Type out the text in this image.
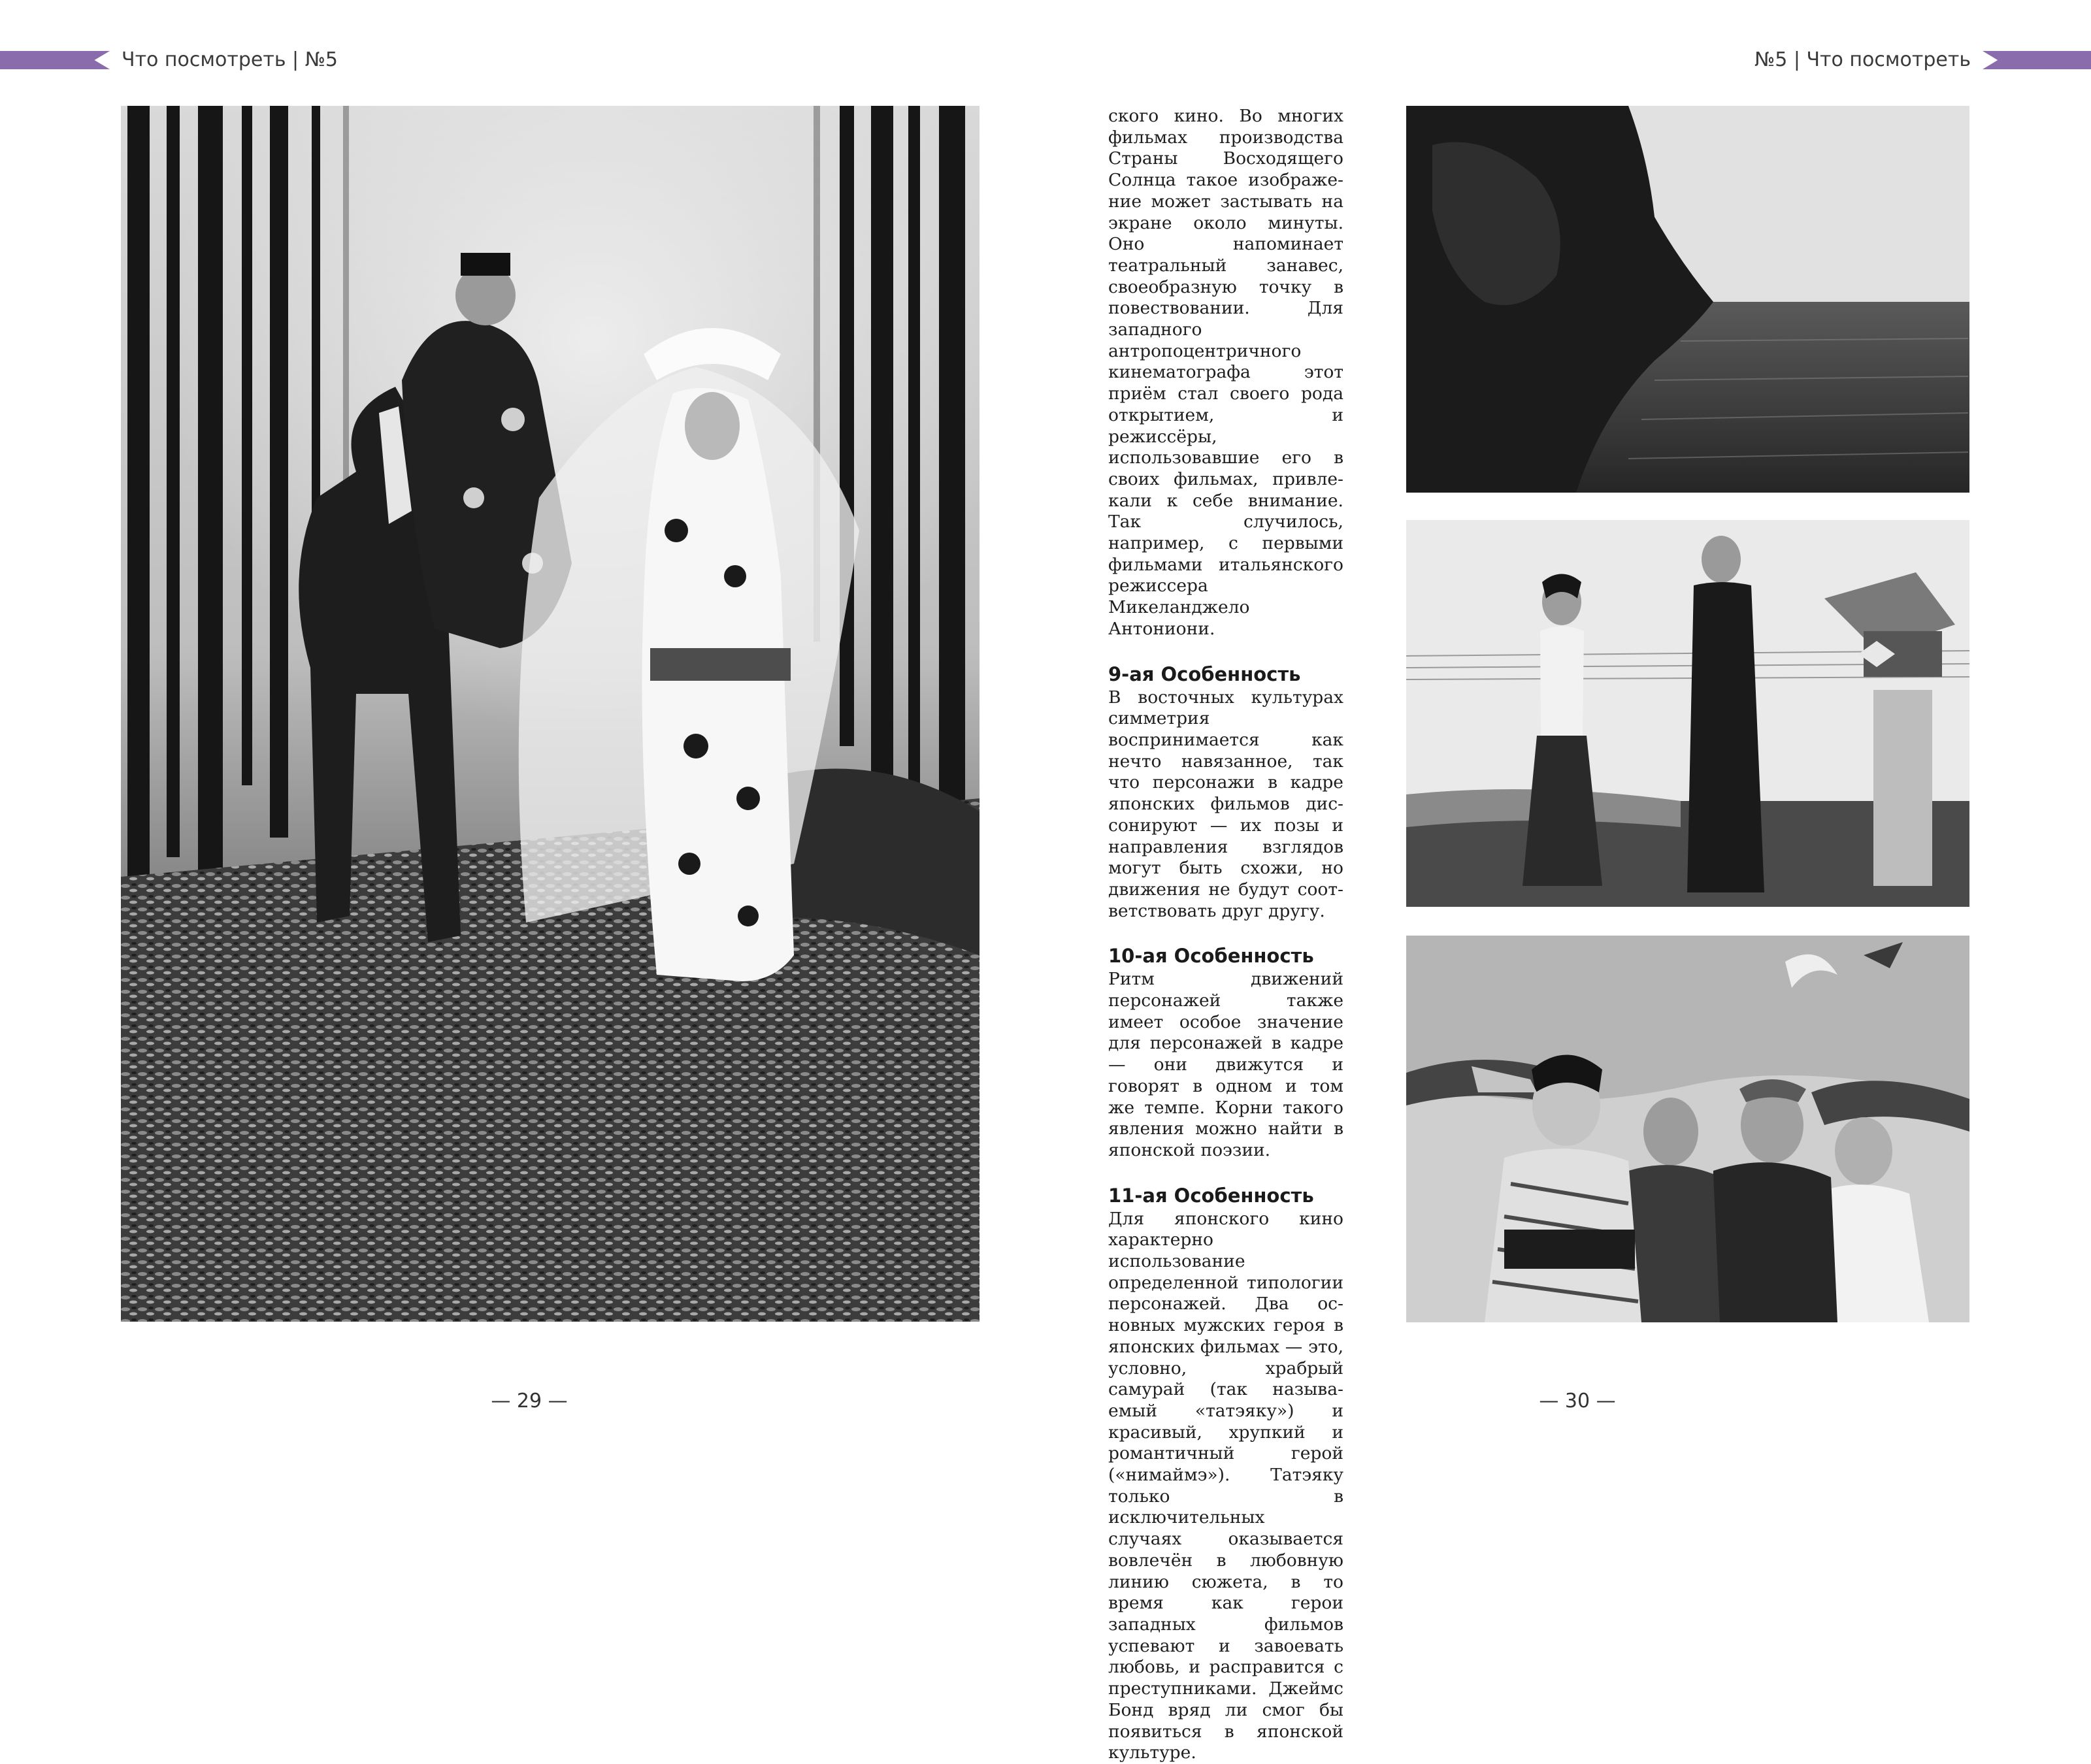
Что посмотреть | №5	№5 | Что посмотреть

ского кино. Во многих фильмах производства Страны Восходящего Солнца такое изображение может застывать на экране около минуты. Оно напоминает театральный занавес, своеобразную точку в повествовании. Для западного антропоцентричного кинематографа этот приём стал своего рода открытием, и режиссёры, использовавшие его в своих фильмах, привлекали к себе внимание. Так случилось, например, с первыми фильмами итальянского режиссера Микеланджело Антониони.

9-ая Особенность

В восточных культурах симметрия воспринимается как нечто навязанное, так что персонажи в кадре японских фильмов диссонируют — их позы и направления взглядов могут быть схожи, но движения не будут соответствовать друг другу.

10-ая Особенность

Ритм движений персонажей также имеет особое значение для персонажей в кадре — они движутся и говорят в одном и том же темпе. Корни такого явления можно найти в японской поэзии.

11-ая Особенность

Для японского кино характерно использование определенной типологии персонажей. Два основных мужских героя в японских фильмах — это, условно, храбрый самурай (так называемый «татэяку») и красивый, хрупкий и романтичный герой («нимаймэ»). Татэяку только в исключительных случаях оказывается вовлечён в любовную линию сюжета, в то время как герои западных фильмов успевают и завоевать любовь, и расправится с преступниками. Джеймс Бонд вряд ли смог бы появиться в японской культуре.

— 29 —	— 30 —
